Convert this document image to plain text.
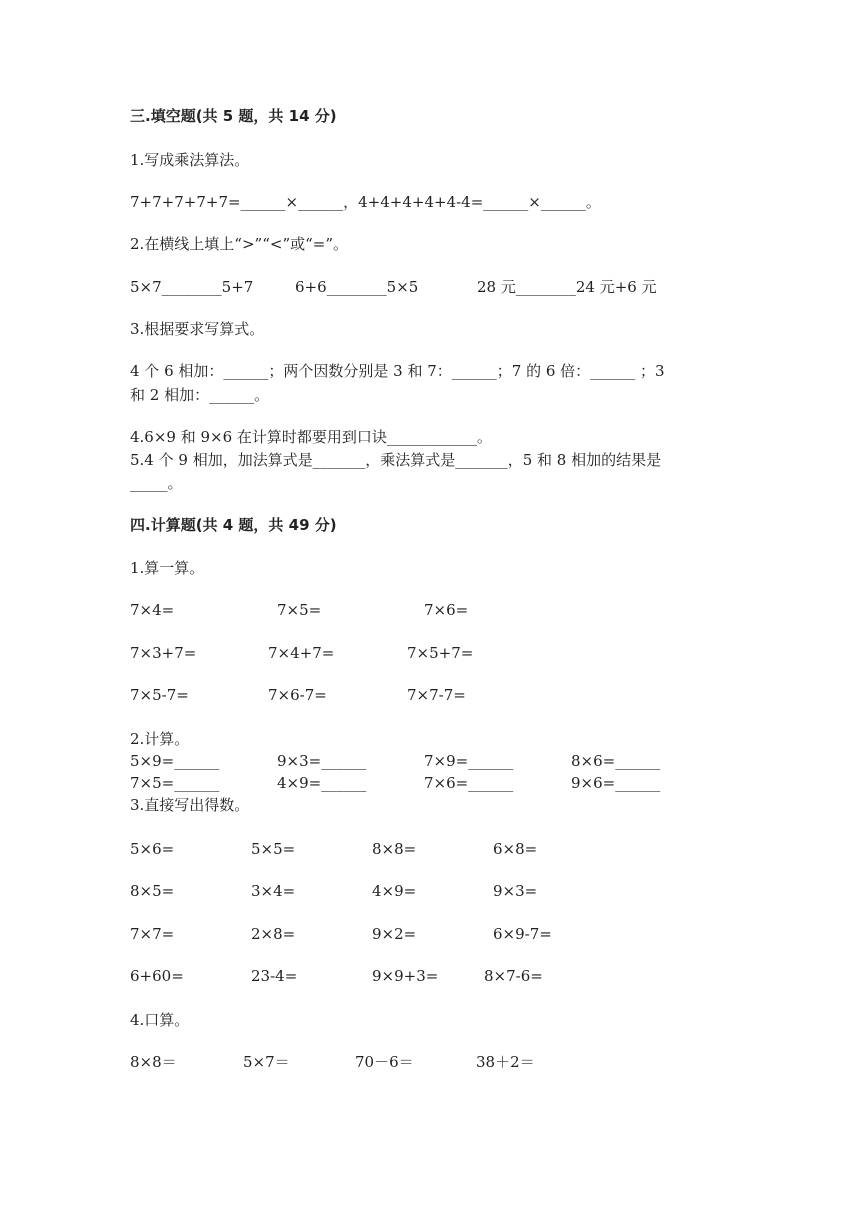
三.填空题(共 5 题，共 14 分)
1.写成乘法算法。
7+7+7+7+7=______×______，4+4+4+4+4-4=______×______。
2.在横线上填上“>”“<”或“=”。
5×7________5+7	6+6________5×5	28 元________24 元+6 元
3.根据要求写算式。
4 个 6 相加：______；两个因数分别是 3 和 7：______；7 的 6 倍：______ ；3
和 2 相加：______。
4.6×9 和 9×6 在计算时都要用到口诀____________。
5.4 个 9 相加，加法算式是_______，乘法算式是_______，5 和 8 相加的结果是
_____。
四.计算题(共 4 题，共 49 分)
1.算一算。
7×4=	7×5=	7×6=
7×3+7=	7×4+7=	7×5+7=
7×5-7=	7×6-7=	7×7-7=
2.计算。
5×9=______	9×3=______	7×9=______	8×6=______
7×5=______	4×9=______	7×6=______	9×6=______
3.直接写出得数。
5×6=	5×5=	8×8=	6×8=
8×5=	3×4=	4×9=	9×3=
7×7=	2×8=	9×2=	6×9-7=
6+60=	23-4=	9×9+3=	8×7-6=
4.口算。
8×8＝	5×7＝	70－6＝	38＋2＝
